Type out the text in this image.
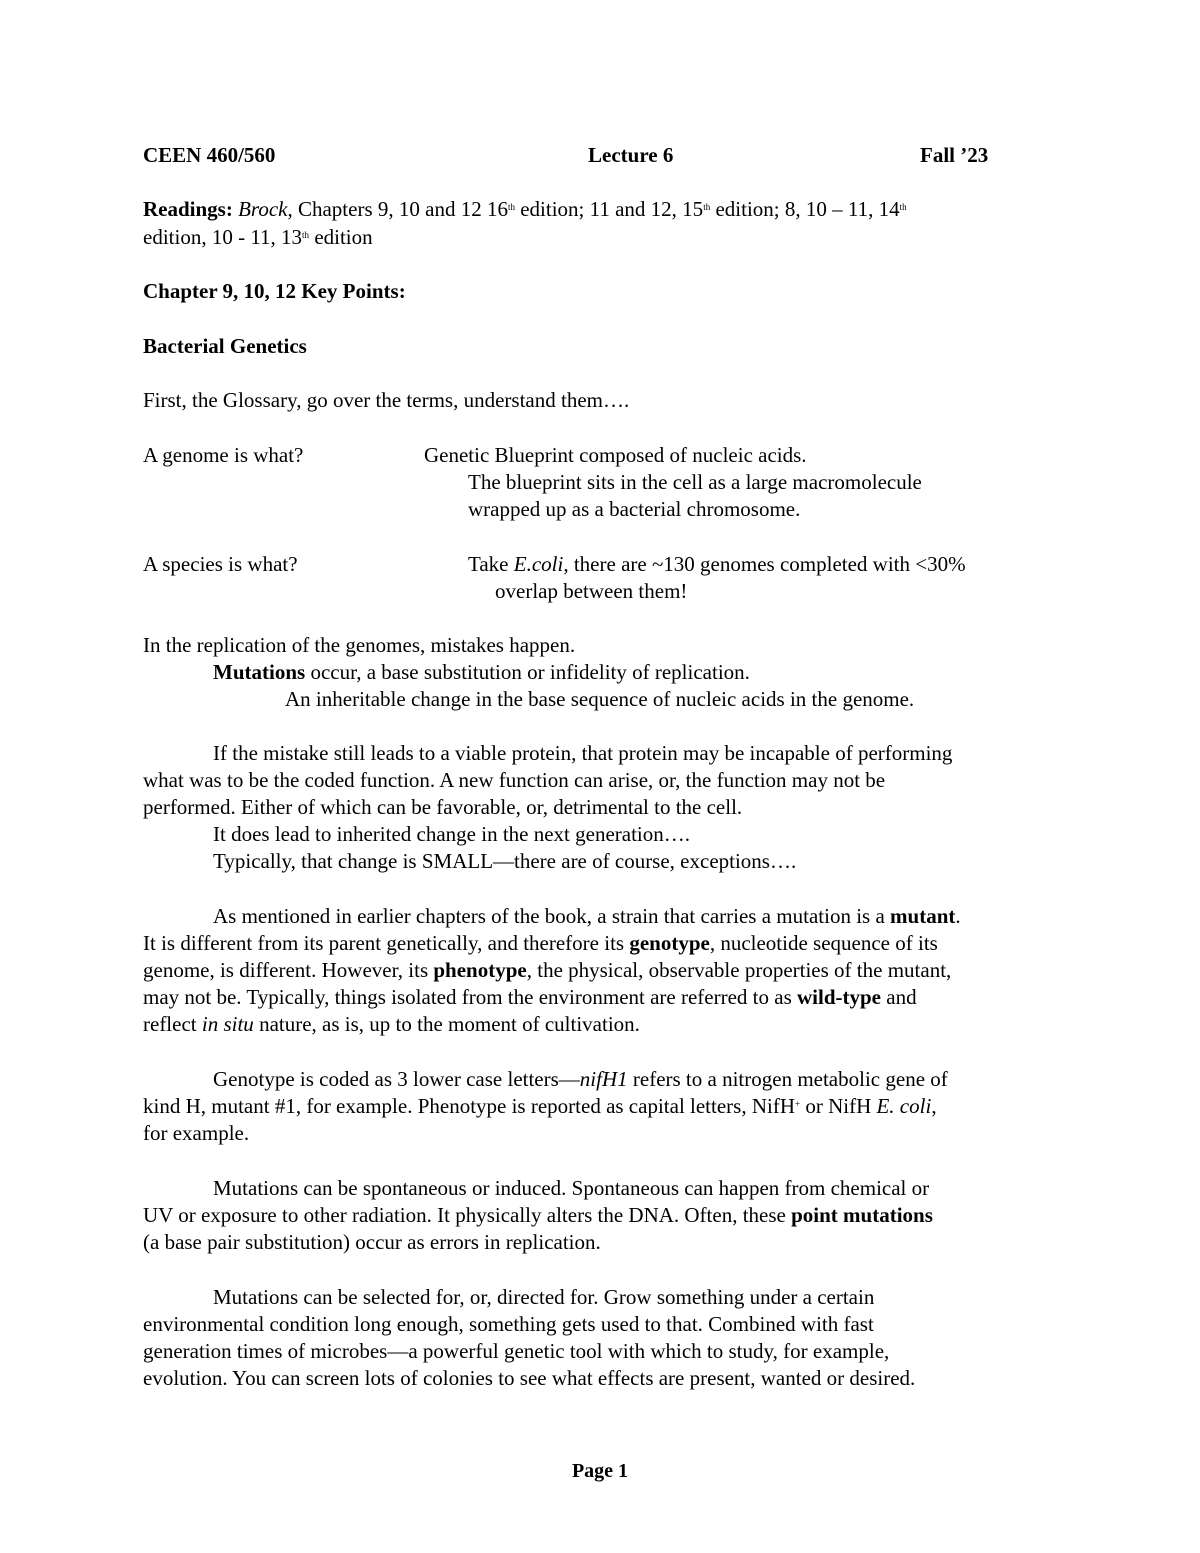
CEEN 460/560	Lecture 6	Fall ’23
Readings: Brock, Chapters 9, 10 and 12 16th edition; 11 and 12, 15th edition; 8, 10 – 11, 14th
edition, 10 - 11, 13th edition
Chapter 9, 10, 12 Key Points:
Bacterial Genetics
First, the Glossary, go over the terms, understand them….
A genome is what?	Genetic Blueprint composed of nucleic acids.
The blueprint sits in the cell as a large macromolecule
wrapped up as a bacterial chromosome.
A species is what?	Take E.coli, there are ~130 genomes completed with <30%
overlap between them!
In the replication of the genomes, mistakes happen.
Mutations occur, a base substitution or infidelity of replication.
An inheritable change in the base sequence of nucleic acids in the genome.
If the mistake still leads to a viable protein, that protein may be incapable of performing
what was to be the coded function. A new function can arise, or, the function may not be
performed. Either of which can be favorable, or, detrimental to the cell.
It does lead to inherited change in the next generation….
Typically, that change is SMALL—there are of course, exceptions….
As mentioned in earlier chapters of the book, a strain that carries a mutation is a mutant.
It is different from its parent genetically, and therefore its genotype, nucleotide sequence of its
genome, is different. However, its phenotype, the physical, observable properties of the mutant,
may not be. Typically, things isolated from the environment are referred to as wild-type and
reflect in situ nature, as is, up to the moment of cultivation.
Genotype is coded as 3 lower case letters—nifH1 refers to a nitrogen metabolic gene of
kind H, mutant #1, for example. Phenotype is reported as capital letters, NifH+ or NifH E. coli,
for example.
Mutations can be spontaneous or induced. Spontaneous can happen from chemical or
UV or exposure to other radiation. It physically alters the DNA. Often, these point mutations
(a base pair substitution) occur as errors in replication.
Mutations can be selected for, or, directed for. Grow something under a certain
environmental condition long enough, something gets used to that. Combined with fast
generation times of microbes—a powerful genetic tool with which to study, for example,
evolution. You can screen lots of colonies to see what effects are present, wanted or desired.
Page 1
